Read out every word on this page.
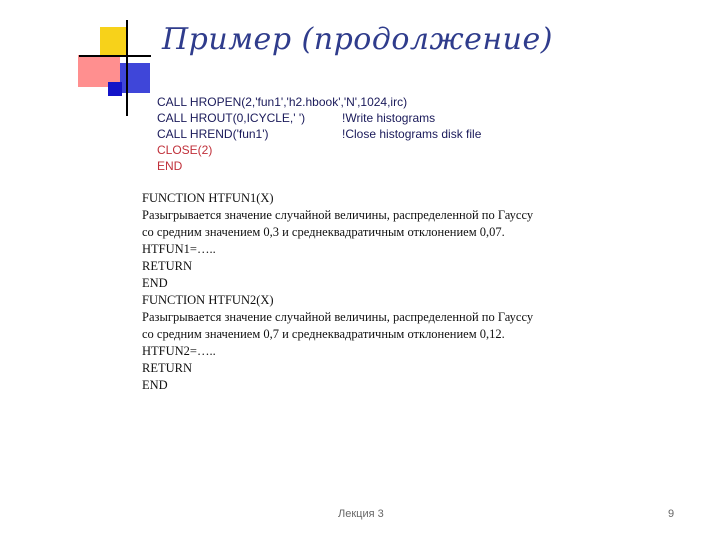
Пример (продолжение)
CALL HROPEN(2,'fun1','h2.hbook','N',1024,irc)
CALL HROUT(0,ICYCLE,' ')	!Write histograms
CALL HREND('fun1')	!Close histograms disk file
CLOSE(2)
END
FUNCTION HTFUN1(X)
Разыгрывается значение случайной величины, распределенной по Гауссу
со средним значением 0,3 и среднеквадратичным отклонением 0,07.
HTFUN1=…..
RETURN
END
FUNCTION HTFUN2(X)
Разыгрывается значение случайной величины, распределенной по Гауссу
со средним значением 0,7 и среднеквадратичным отклонением 0,12.
HTFUN2=…..
RETURN
END
Лекция 3	9
